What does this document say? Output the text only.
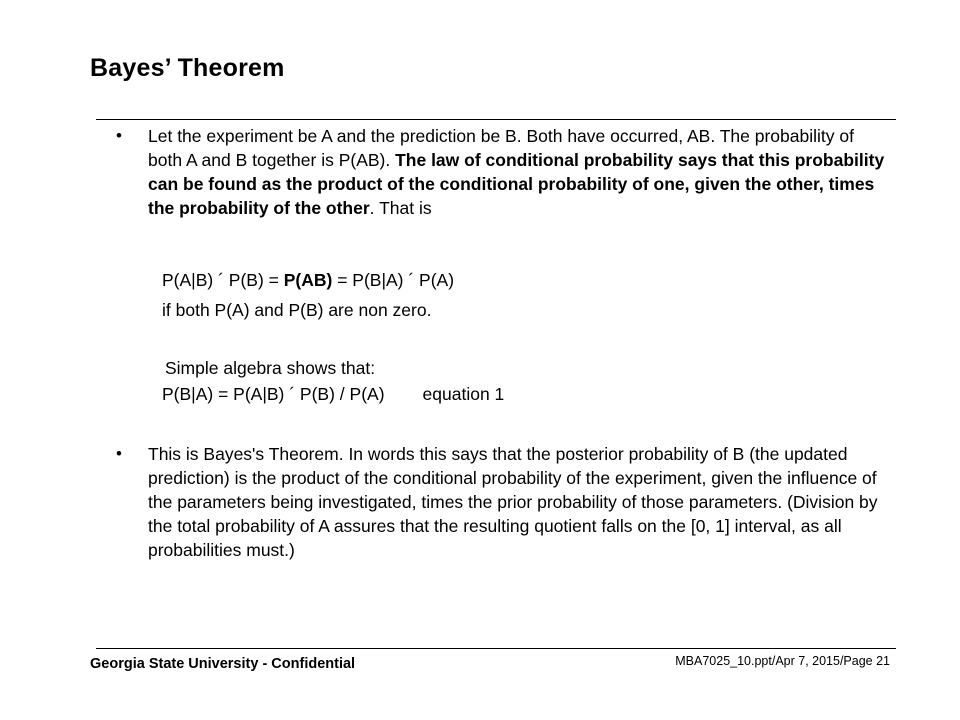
Bayes’ Theorem
• Let the experiment be A and the prediction be B. Both have occurred, AB. The probability of both A and B together is P(AB). The law of conditional probability says that this probability can be found as the product of the conditional probability of one, given the other, times the probability of the other. That is

P(A|B) ´ P(B) = P(AB) = P(B|A) ´ P(A)
if both P(A) and P(B) are non zero.
Simple algebra shows that:
P(B|A) = P(A|B) ´ P(B) / P(A) equation 1
• This is Bayes's Theorem. In words this says that the posterior probability of B (the updated prediction) is the product of the conditional probability of the experiment, given the influence of the parameters being investigated, times the prior probability of those parameters. (Division by the total probability of A assures that the resulting quotient falls on the [0, 1] interval, as all probabilities must.)

Georgia State University - Confidential	MBA7025_10.ppt/Apr 7, 2015/Page 21
